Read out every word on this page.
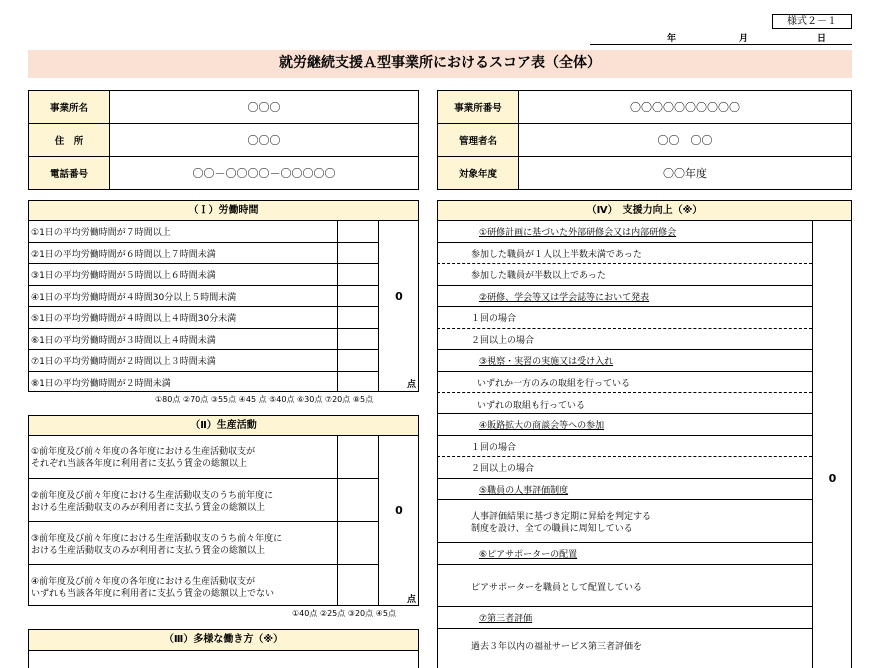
様式２－１
年	月	日
就労継続支援Ａ型事業所におけるスコア表（全体）
事業所名	〇〇〇
住　所	〇〇〇
電話番号	〇〇－〇〇〇〇－〇〇〇〇〇
事業所番号	〇〇〇〇〇〇〇〇〇〇
管理者名	〇〇　〇〇
対象年度	〇〇年度
（Ｉ）労働時間
①1日の平均労働時間が７時間以上
②1日の平均労働時間が６時間以上７時間未満
③1日の平均労働時間が５時間以上６時間未満
④1日の平均労働時間が４時間30分以上５時間未満
⑤1日の平均労働時間が４時間以上４時間30分未満
⑥1日の平均労働時間が３時間以上４時間未満
⑦1日の平均労働時間が２時間以上３時間未満
⑧1日の平均労働時間が２時間未満
0
点
①80点 ②70点 ③55点 ④45 点 ⑤40点 ⑥30点 ⑦20点 ⑧5点
（Ⅱ）生産活動
①前年度及び前々年度の各年度における生産活動収支が
それぞれ当該各年度に利用者に支払う賃金の総額以上
②前年度及び前々年度における生産活動収支のうち前年度に
おける生産活動収支のみが利用者に支払う賃金の総額以上
③前年度及び前々年度における生産活動収支のうち前々年度に
おける生産活動収支のみが利用者に支払う賃金の総額以上
④前年度及び前々年度の各年度における生産活動収支が
いずれも当該各年度に利用者に支払う賃金の総額以上でない
0
点
①40点 ②25点 ③20点 ④5点
（Ⅲ）多様な働き方（※）
（Ⅳ）　支援力向上（※）
0
①研修計画に基づいた外部研修会又は内部研修会
参加した職員が１人以上半数未満であった
参加した職員が半数以上であった
②研修、学会等又は学会誌等において発表
１回の場合
２回以上の場合
③視察・実習の実施又は受け入れ
いずれか一方のみの取組を行っている
いずれの取組も行っている
④販路拡大の商談会等への参加
１回の場合
２回以上の場合
⑤職員の人事評価制度
人事評価結果に基づき定期に昇給を判定する
制度を設け、全ての職員に周知している
⑥ピアサポーターの配置
ピアサポーターを職員として配置している
⑦第三者評価
過去３年以内の福祉サービス第三者評価を
